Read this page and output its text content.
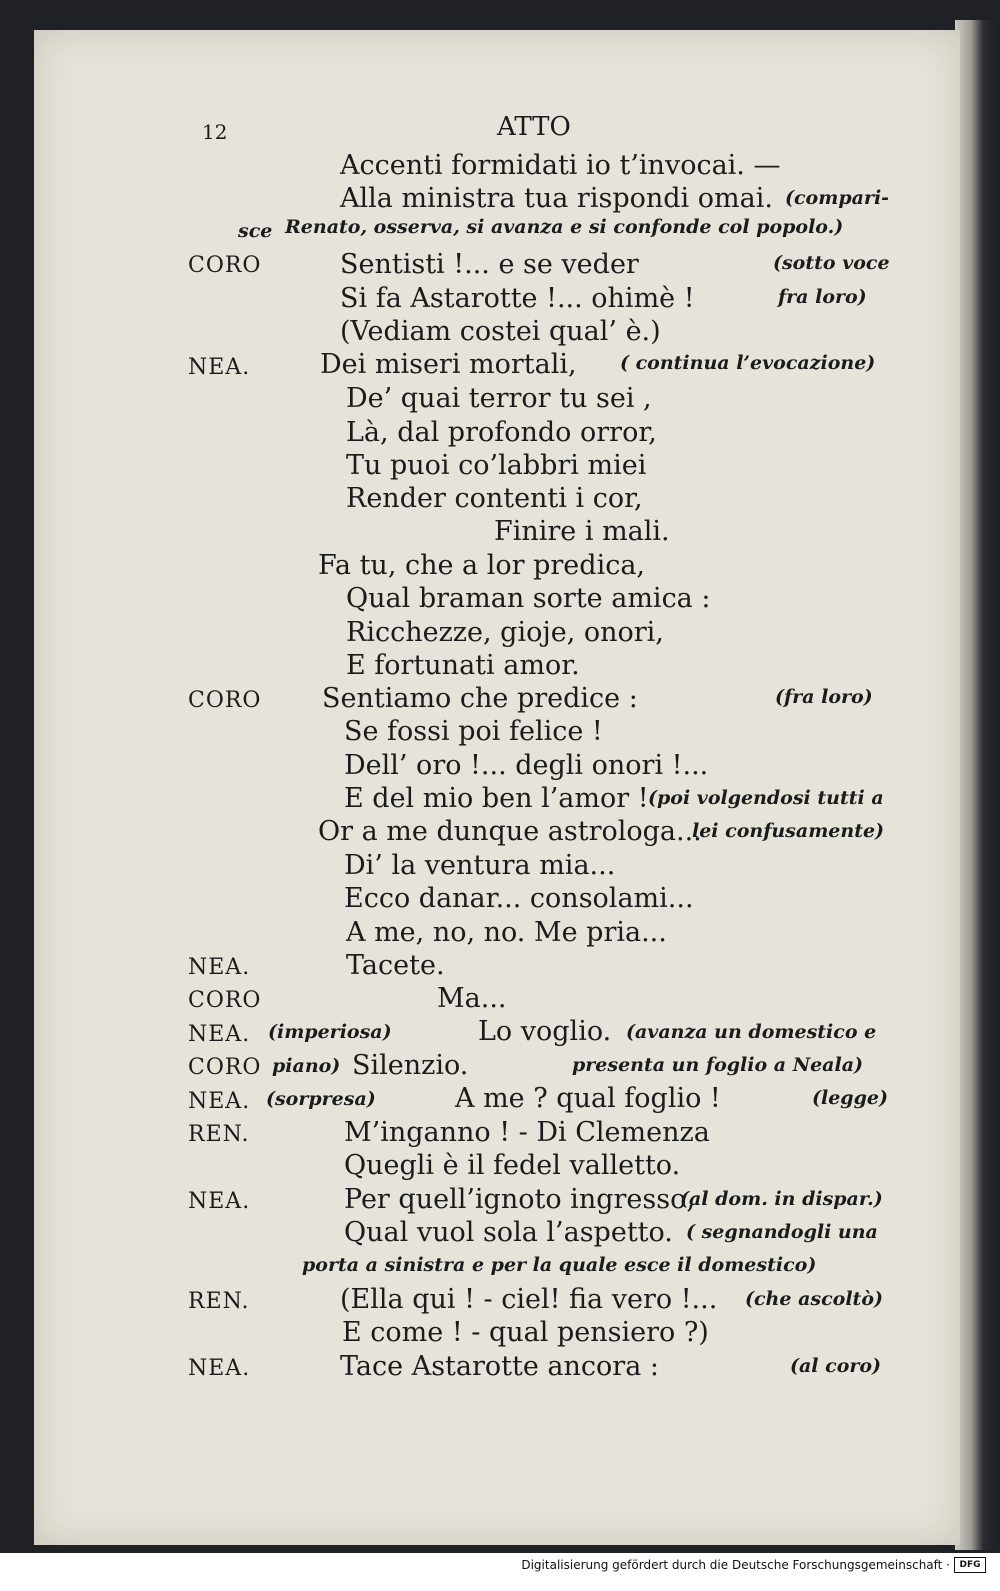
12	ATTO
Accenti formidati io t’invocai. —
Alla ministra tua rispondi omai. (compari-
sce Renato, osserva, si avanza e si confonde col popolo.)
CORO	Sentisti !... e se veder	(sotto voce
Si fa Astarotte !... ohimè !	fra loro)
(Vediam costei qual’ è.)
NEA.	Dei miseri mortali, ( continua l’evocazione)
De’ quai terror tu sei ,
Là, dal profondo orror,
Tu puoi co’labbri miei
Render contenti i cor,
Finire i mali.
Fa tu, che a lor predica,
Qual braman sorte amica :
Ricchezze, gioje, onori,
E fortunati amor.
CORO Sentiamo che predice :	(fra loro)
Se fossi poi felice !
Dell’ oro !... degli onori !...
E del mio ben l’amor ! (poi volgendosi tutti a
Or a me dunque astrologa...
lei confusamente)
Di’ la ventura mia...
Ecco danar... consolami...
A me, no, no. Me pria...
NEA.	Tacete.
CORO	Ma...
NEA. (imperiosa)	Lo voglio. (avanza un domestico e
CORO piano) Silenzio.	presenta un foglio a Neala)
NEA. (sorpresa)	A me ? qual foglio !	(legge)
REN.	M’inganno ! - Di Clemenza
Quegli è il fedel valletto.
NEA.	Per quell’ignoto ingresso,
(al dom. in dispar.)
Qual vuol sola l’aspetto. ( segnandogli una
porta a sinistra e per la quale esce il domestico)
REN.	(Ella qui ! - ciel! fia vero !... (che ascoltò)
E come ! - qual pensiero ?)
NEA.	Tace Astarotte ancora :	(al coro)
Digitalisierung gefördert durch die Deutsche Forschungsgemeinschaft ·	DFG
